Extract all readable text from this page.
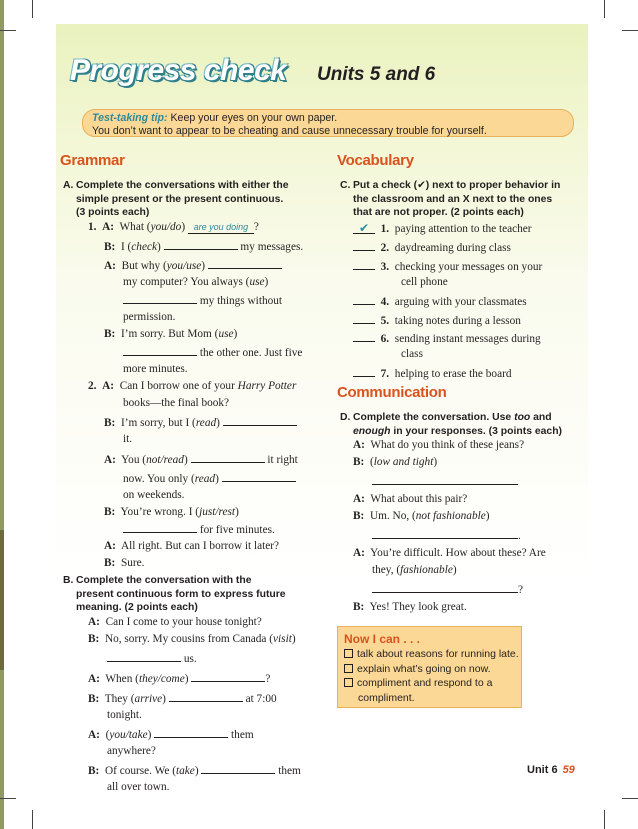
Progress check Units 5 and 6
Test-taking tip: Keep your eyes on your own paper.
You don’t want to appear to be cheating and cause unnecessary trouble for yourself.
Grammar
A. Complete the conversations with either the
simple present or the present continuous.
(3 points each)
1. A:  What (you/do) are you doing ?
B:  I (check)	my messages.
A:  But why (you/use)
my computer? You always (use)
my things without
permission.
B:  I’m sorry. But Mom (use)
the other one. Just five
more minutes.
2. A:  Can I borrow one of your Harry Potter
books—the final book?
B:  I’m sorry, but I (read)
it.
A:  You (not/read)	it right
now. You only (read)
on weekends.
B:  You’re wrong. I (just/rest)
for five minutes.
A:  All right. But can I borrow it later?
B:  Sure.
B. Complete the conversation with the
present continuous form to express future
meaning. (2 points each)
A:  Can I come to your house tonight?
B:  No, sorry. My cousins from Canada (visit)
us.
A:  When (they/come)	?
B:  They (arrive)	at 7:00
tonight.
A:  (you/take)	them
anywhere?
B:  Of course. We (take)	them
all over town.
Vocabulary
C. Put a check (✔) next to proper behavior in
the classroom and an X next to the ones
that are not proper. (2 points each)
✔ 1. paying attention to the teacher
2. daydreaming during class
3. checking your messages on your
cell phone
4. arguing with your classmates
5. taking notes during a lesson
6. sending instant messages during
class
7. helping to erase the board
Communication
D. Complete the conversation. Use too and
enough in your responses. (3 points each)
A:  What do you think of these jeans?
B:  (low and tight)
A:  What about this pair?
B:  Um. No, (not fashionable)
.
A:  You’re difficult. How about these? Are
they, (fashionable)
?
B:  Yes! They look great.
Now I can . . .
talk about reasons for running late.
explain what’s going on now.
compliment and respond to a
compliment.
Unit 6 59
